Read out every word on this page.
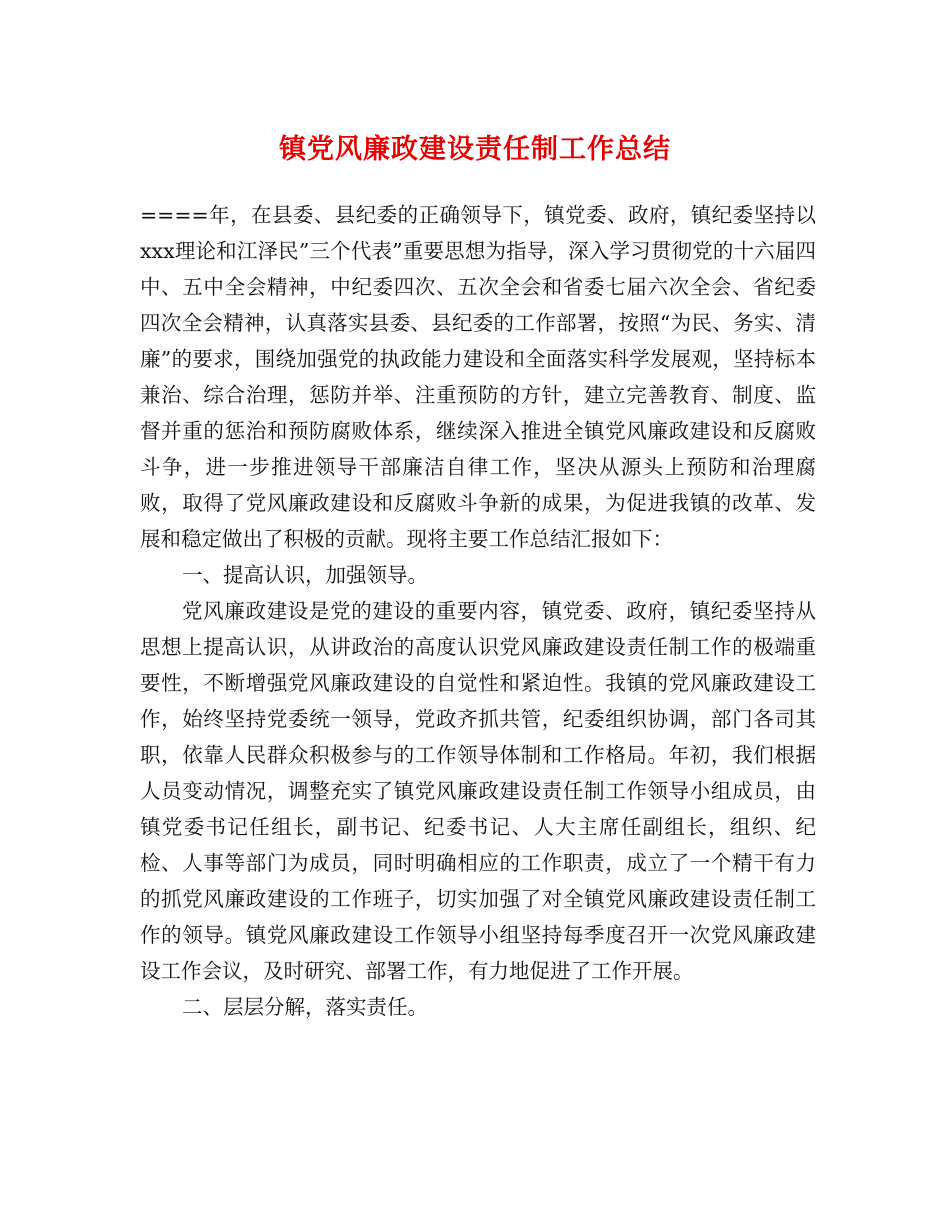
镇党风廉政建设责任制工作总结

====年，在县委、县纪委的正确领导下，镇党委、政府，镇纪委坚持以xxx理论和江泽民”三个代表”重要思想为指导，深入学习贯彻党的十六届四中、五中全会精神，中纪委四次、五次全会和省委七届六次全会、省纪委四次全会精神，认真落实县委、县纪委的工作部署，按照“为民、务实、清廉”的要求，围绕加强党的执政能力建设和全面落实科学发展观，坚持标本兼治、综合治理，惩防并举、注重预防的方针，建立完善教育、制度、监督并重的惩治和预防腐败体系，继续深入推进全镇党风廉政建设和反腐败斗争，进一步推进领导干部廉洁自律工作，坚决从源头上预防和治理腐败，取得了党风廉政建设和反腐败斗争新的成果，为促进我镇的改革、发展和稳定做出了积极的贡献。现将主要工作总结汇报如下：

一、提高认识，加强领导。

党风廉政建设是党的建设的重要内容，镇党委、政府，镇纪委坚持从思想上提高认识，从讲政治的高度认识党风廉政建设责任制工作的极端重要性，不断增强党风廉政建设的自觉性和紧迫性。我镇的党风廉政建设工作，始终坚持党委统一领导，党政齐抓共管，纪委组织协调，部门各司其职，依靠人民群众积极参与的工作领导体制和工作格局。年初，我们根据人员变动情况，调整充实了镇党风廉政建设责任制工作领导小组成员，由镇党委书记任组长，副书记、纪委书记、人大主席任副组长，组织、纪检、人事等部门为成员，同时明确相应的工作职责，成立了一个精干有力的抓党风廉政建设的工作班子，切实加强了对全镇党风廉政建设责任制工作的领导。镇党风廉政建设工作领导小组坚持每季度召开一次党风廉政建设工作会议，及时研究、部署工作，有力地促进了工作开展。

二、层层分解，落实责任。
